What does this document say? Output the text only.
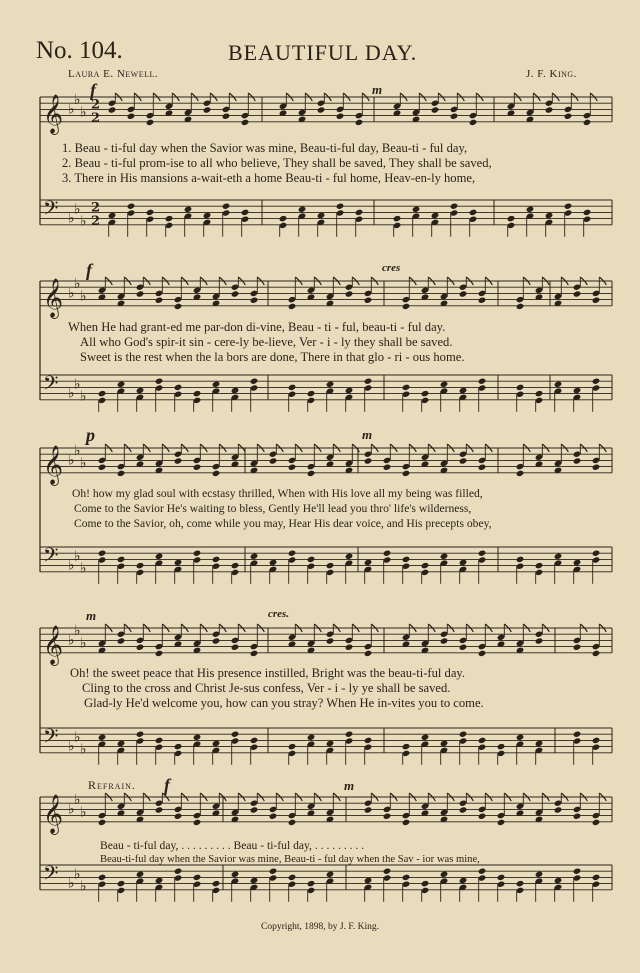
No. 104.	BEAUTIFUL DAY.
Laura E. Newell.	J. F. King.
𝄞 ♭
♭
♭ 2
2
𝄢 ♭
♭
♭
2
2
f	m
1. Beau - ti-ful day when the Savior was mine, Beau-ti-ful day, Beau-ti - ful day,
2. Beau - ti-ful prom-ise to all who believe, They shall be saved, They shall be saved,
3. There in His mansions a-wait-eth a home Beau-ti - ful home, Heav-en-ly home,
𝄞 ♭
♭
♭
𝄢 ♭
♭
♭
f	cres
When He had grant-ed me par-don di-vine, Beau - ti - ful, beau-ti - ful day.
All who God's spir-it sin - cere-ly be-lieve, Ver - i - ly they shall be saved.
Sweet is the rest when the la bors are done, There in that glo - ri - ous home.
𝄞 ♭
♭
♭
𝄢 ♭
♭
♭
p	m
Oh! how my glad soul with ecstasy thrilled, When with His love all my being was filled,
Come to the Savior He's waiting to bless, Gently He'll lead you thro' life's wilderness,
Come to the Savior, oh, come while you may, Hear His dear voice, and His precepts obey,
𝄞 ♭
♭
♭
𝄢 ♭
♭
♭
m	cres.
Oh! the sweet peace that His presence instilled, Bright was the beau-ti-ful day.
Cling to the cross and Christ Je-sus confess, Ver - i - ly ye shall be saved.
Glad-ly He'd welcome you, how can you stray? When He in-vites you to come.
𝄞 ♭
♭
♭
𝄢 ♭
♭
♭
Refrain. f	m
Beau - ti-ful day, . . . . . . . . . Beau - ti-ful day, . . . . . . . . .
Beau-ti-ful day when the Savior was mine, Beau-ti - ful day when the Sav - ior was mine,
Copyright, 1898, by J. F. King.
